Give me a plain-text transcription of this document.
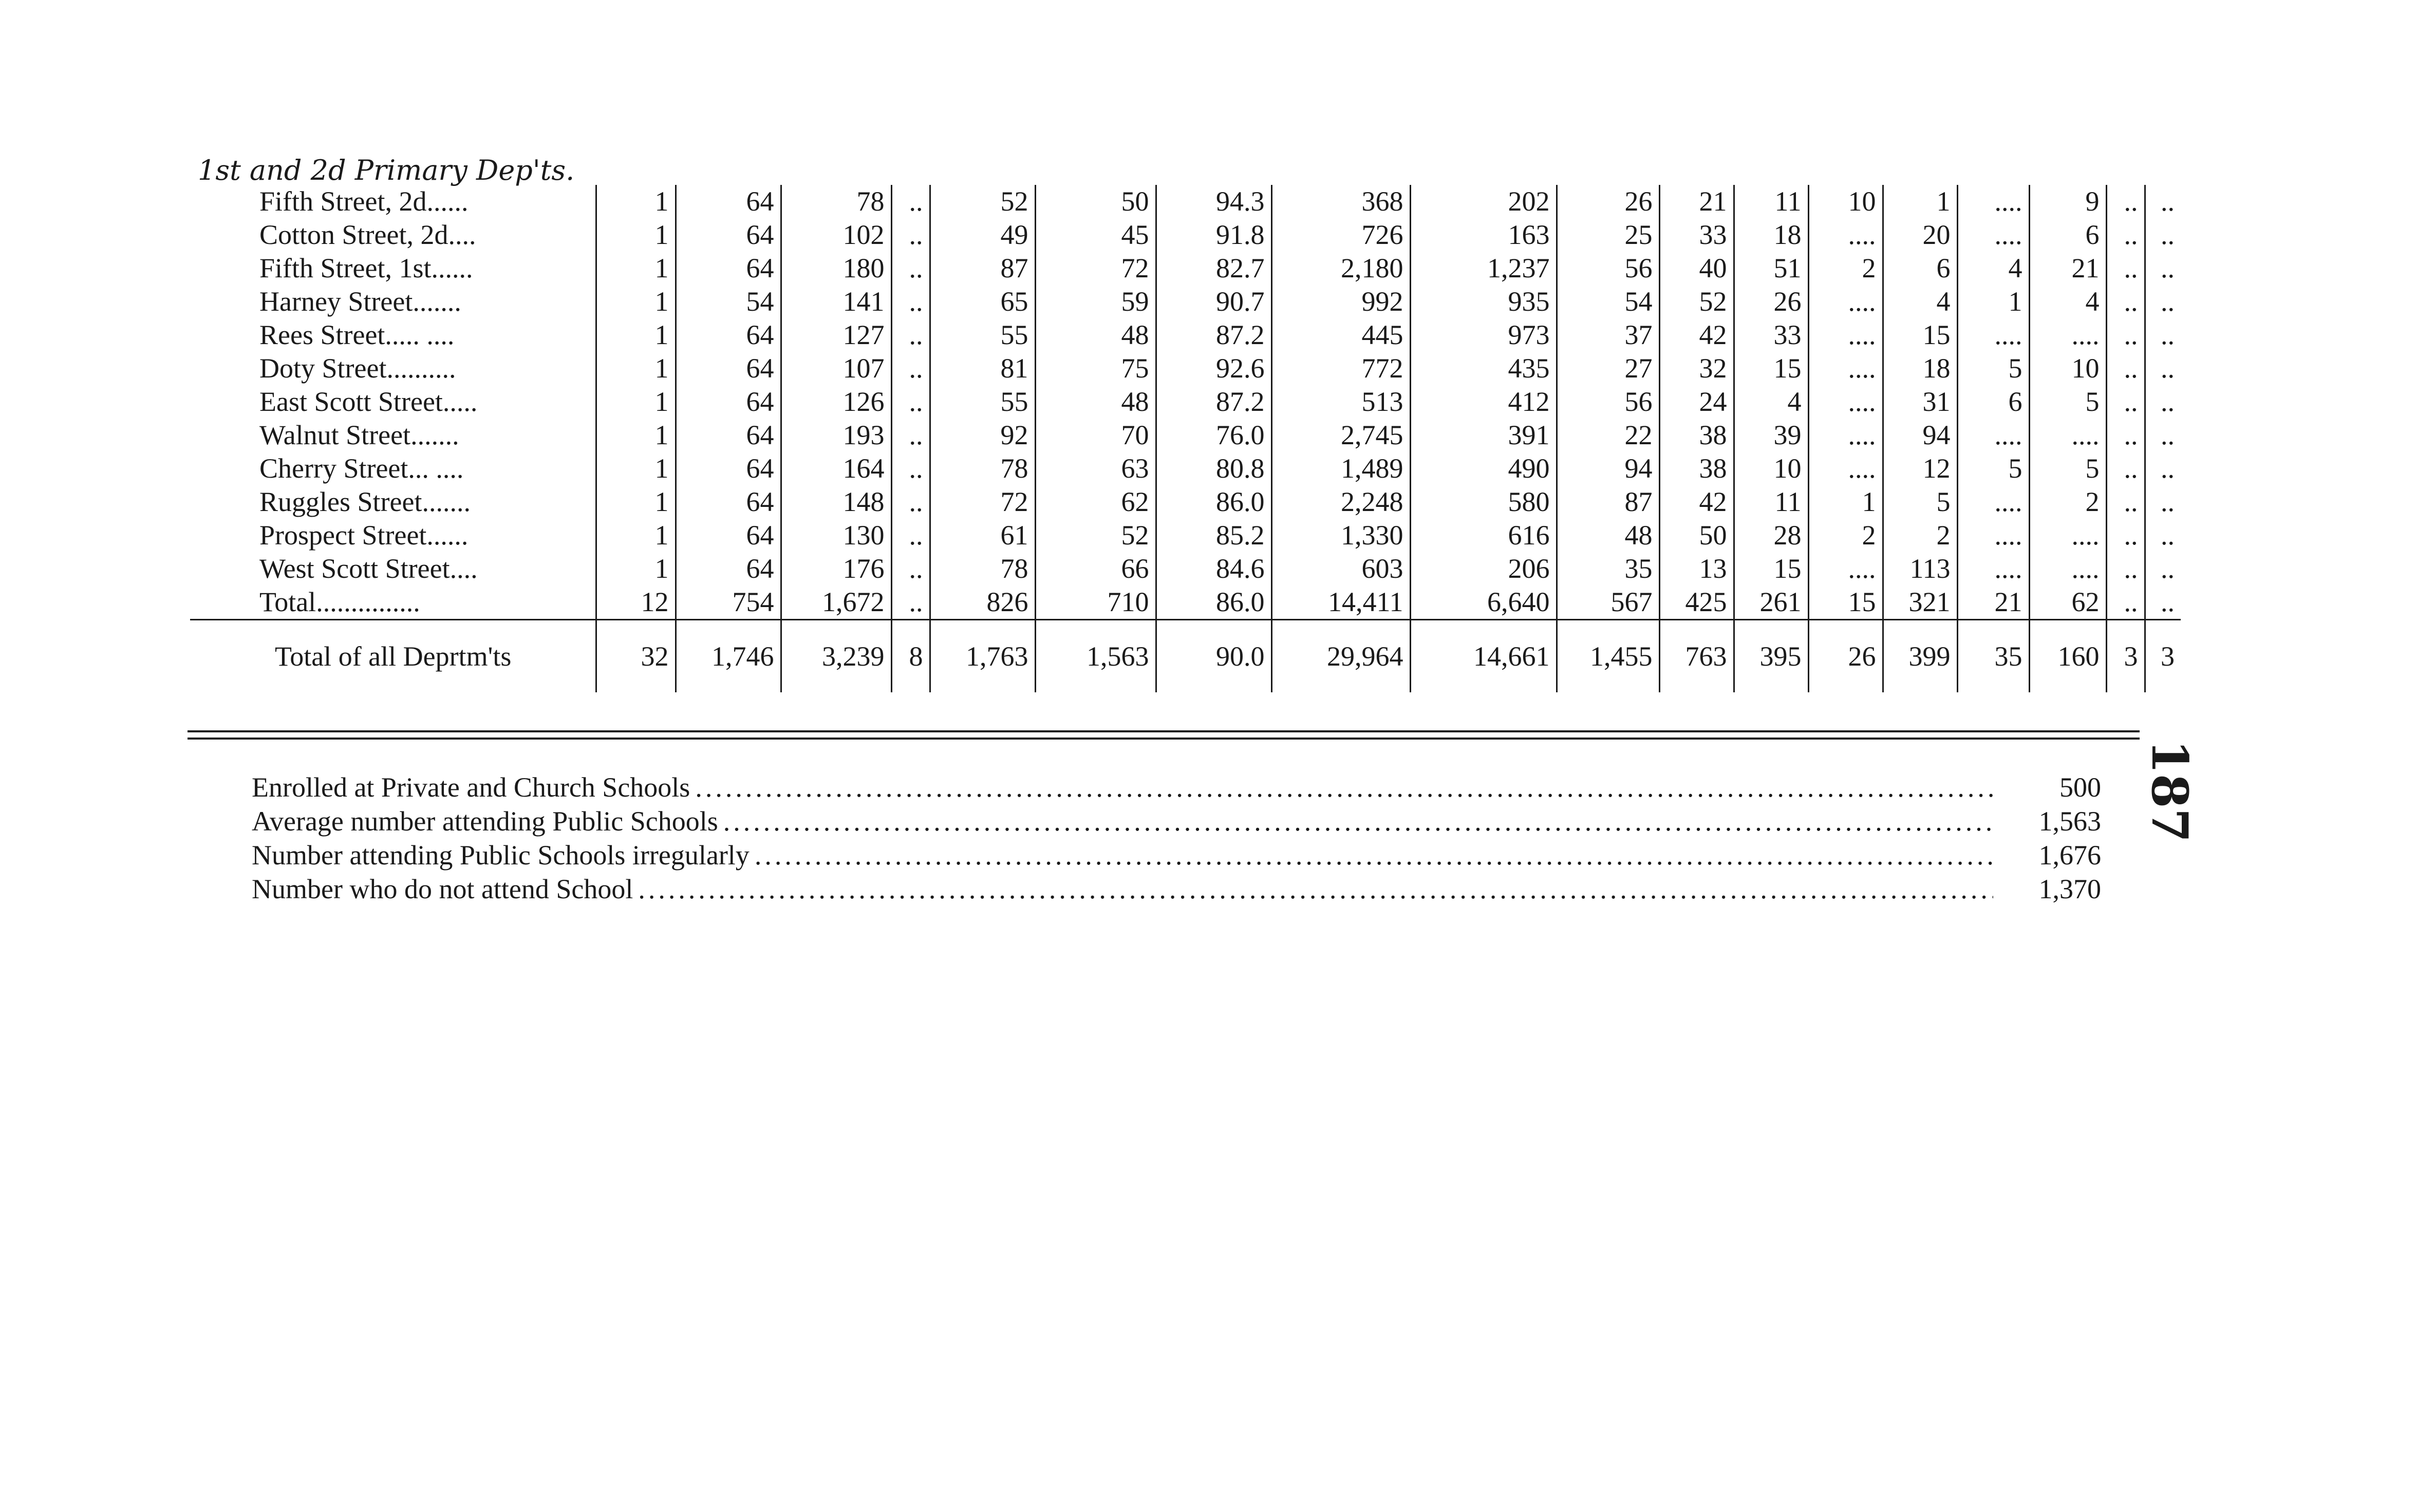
1st and 2d Primary Dep'ts.
Fifth Street, 2d......	1	64	78	..	52	50	94.3	368	202	26	21	11	10	1	....	9	..	..
Cotton Street, 2d....	1	64	102	..	49	45	91.8	726	163	25	33	18	....	20	....	6	..	..
Fifth Street, 1st......	1	64	180	..	87	72	82.7	2,180	1,237	56	40	51	2	6	4	21	..	..
Harney Street.......	1	54	141	..	65	59	90.7	992	935	54	52	26	....	4	1	4	..	..
Rees Street..... ....	1	64	127	..	55	48	87.2	445	973	37	42	33	....	15	....	....	..	..
Doty Street..........	1	64	107	..	81	75	92.6	772	435	27	32	15	....	18	5	10	..	..
East Scott Street.....	1	64	126	..	55	48	87.2	513	412	56	24	4	....	31	6	5	..	..
Walnut Street.......	1	64	193	..	92	70	76.0	2,745	391	22	38	39	....	94	....	....	..	..
Cherry Street... ....	1	64	164	..	78	63	80.8	1,489	490	94	38	10	....	12	5	5	..	..
Ruggles Street.......	1	64	148	..	72	62	86.0	2,248	580	87	42	11	1	5	....	2	..	..
Prospect Street......	1	64	130	..	61	52	85.2	1,330	616	48	50	28	2	2	....	....	..	..
West Scott Street....	1	64	176	..	78	66	84.6	603	206	35	13	15	....	113	....	....	..	..
Total...............	12	754	1,672	..	826	710	86.0	14,411	6,640	567	425	261	15	321	21	62	..	..
Total of all Deprtm'ts	32	1,746	3,239	8	1,763	1,563	90.0	29,964	14,661	1,455	763	395	26	399	35	160	3	3
Enrolled at Private and Church Schools .....	500
Average number attending Public Schools .....	1,563
Number attending Public Schools irregularly .....	1,676
Number who do not attend School .....	1,370
187
